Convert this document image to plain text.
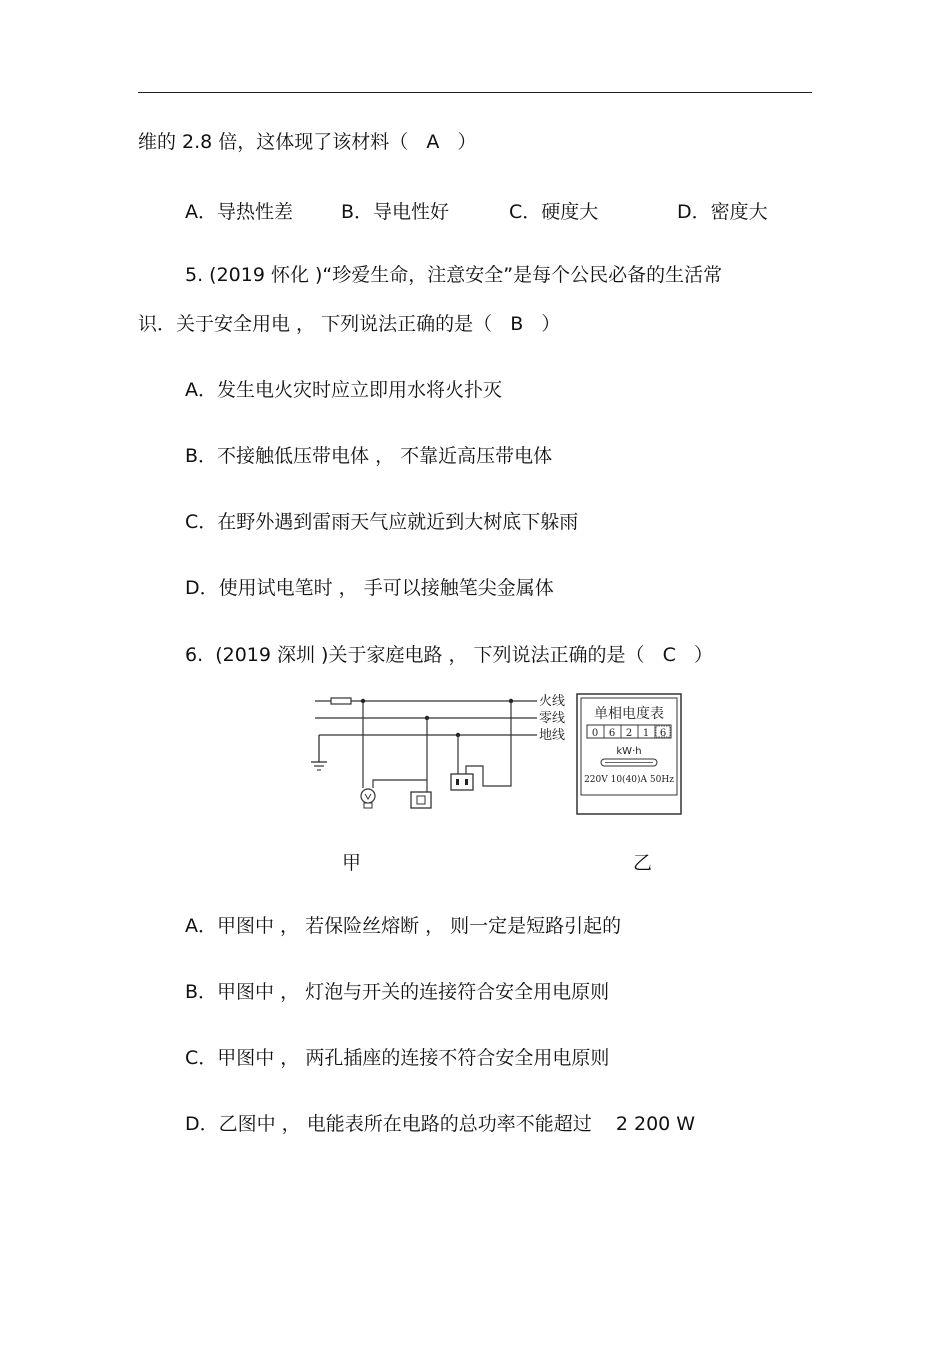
维的 2.8 倍，这体现了该材料（   A   ）
A．导热性差	B．导电性好	C．硬度大	D．密度大
5. (2019 怀化 )“珍爱生命，注意安全”是每个公民必备的生活常
识．关于安全用电 ， 下列说法正确的是（   B   ）
A．发生电火灾时应立即用水将火扑灭
B．不接触低压带电体 ， 不靠近高压带电体
C．在野外遇到雷雨天气应就近到大树底下躲雨
D．使用试电笔时 ， 手可以接触笔尖金属体
6.  (2019 深圳 )关于家庭电路 ， 下列说法正确的是（   C   ）
火线
零线
地线
单相电度表
0 6 2 1 6
kW·h
220V 10(40)A 50Hz
甲	乙
A．甲图中 ， 若保险丝熔断 ， 则一定是短路引起的
B．甲图中 ， 灯泡与开关的连接符合安全用电原则
C．甲图中 ， 两孔插座的连接不符合安全用电原则
D．乙图中 ， 电能表所在电路的总功率不能超过    2 200 W
